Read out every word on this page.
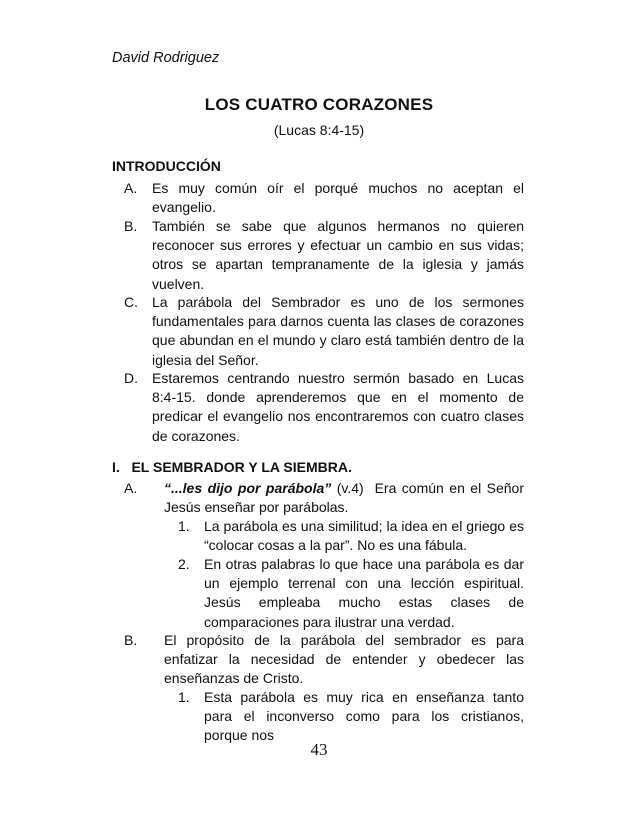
David Rodriguez
LOS CUATRO CORAZONES
(Lucas 8:4-15)
INTRODUCCIÓN
A. Es muy común oír el porqué muchos no aceptan el evangelio.
B. También se sabe que algunos hermanos no quieren reconocer sus errores y efectuar un cambio en sus vidas; otros se apartan tempranamente de la iglesia y jamás vuelven.
C. La parábola del Sembrador es uno de los sermones fundamentales para darnos cuenta las clases de corazones que abundan en el mundo y claro está también dentro de la iglesia del Señor.
D. Estaremos centrando nuestro sermón basado en Lucas 8:4-15. donde aprenderemos que en el momento de predicar el evangelio nos encontraremos con cuatro clases de corazones.
I.   EL SEMBRADOR Y LA SIEMBRA.
A. “...les dijo por parábola” (v.4)  Era común en el Señor Jesús enseñar por parábolas.
1. La parábola es una similitud; la idea en el griego es “colocar cosas a la par”. No es una fábula.
2. En otras palabras lo que hace una parábola es dar un ejemplo terrenal con una lección espiritual. Jesús empleaba mucho estas clases de comparaciones para ilustrar una verdad.
B. El propósito de la parábola del sembrador es para enfatizar la necesidad de entender y obedecer las enseñanzas de Cristo.
1. Esta parábola es muy rica en enseñanza tanto para el inconverso como para los cristianos, porque nos
43
